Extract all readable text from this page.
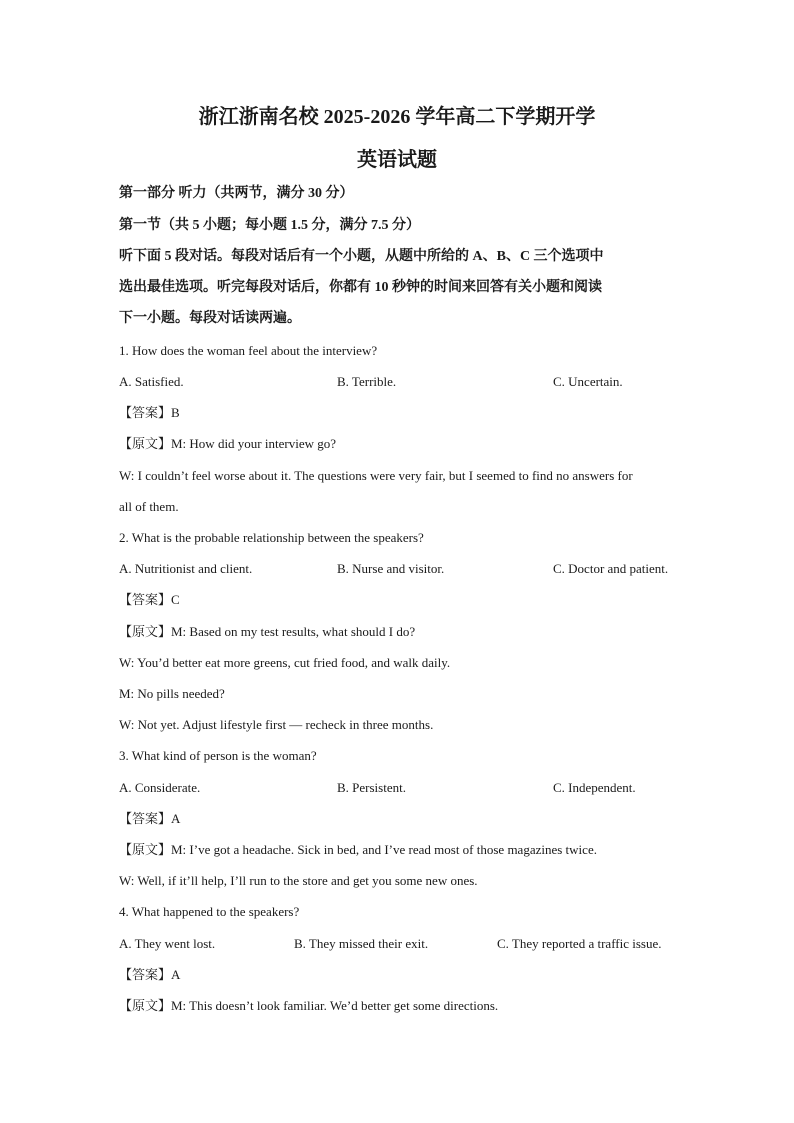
浙江浙南名校 2025-2026 学年高二下学期开学
英语试题
第一部分 听力（共两节，满分 30 分）
第一节（共 5 小题；每小题 1.5 分，满分 7.5 分）
听下面 5 段对话。每段对话后有一个小题，从题中所给的 A、B、C 三个选项中
选出最佳选项。听完每段对话后，你都有 10 秒钟的时间来回答有关小题和阅读
下一小题。每段对话读两遍。
1. How does the woman feel about the interview?
A. Satisfied.	B. Terrible.	C. Uncertain.
【答案】B
【原文】M: How did your interview go?
W: I couldn’t feel worse about it. The questions were very fair, but I seemed to find no answers for
all of them.
2. What is the probable relationship between the speakers?
A. Nutritionist and client.	B. Nurse and visitor.	C. Doctor and patient.
【答案】C
【原文】M: Based on my test results, what should I do?
W: You’d better eat more greens, cut fried food, and walk daily.
M: No pills needed?
W: Not yet. Adjust lifestyle first — recheck in three months.
3. What kind of person is the woman?
A. Considerate.	B. Persistent.	C. Independent.
【答案】A
【原文】M: I’ve got a headache. Sick in bed, and I’ve read most of those magazines twice.
W: Well, if it’ll help, I’ll run to the store and get you some new ones.
4. What happened to the speakers?
A. They went lost.	B. They missed their exit.	C. They reported a traffic issue.
【答案】A
【原文】M: This doesn’t look familiar. We’d better get some directions.
